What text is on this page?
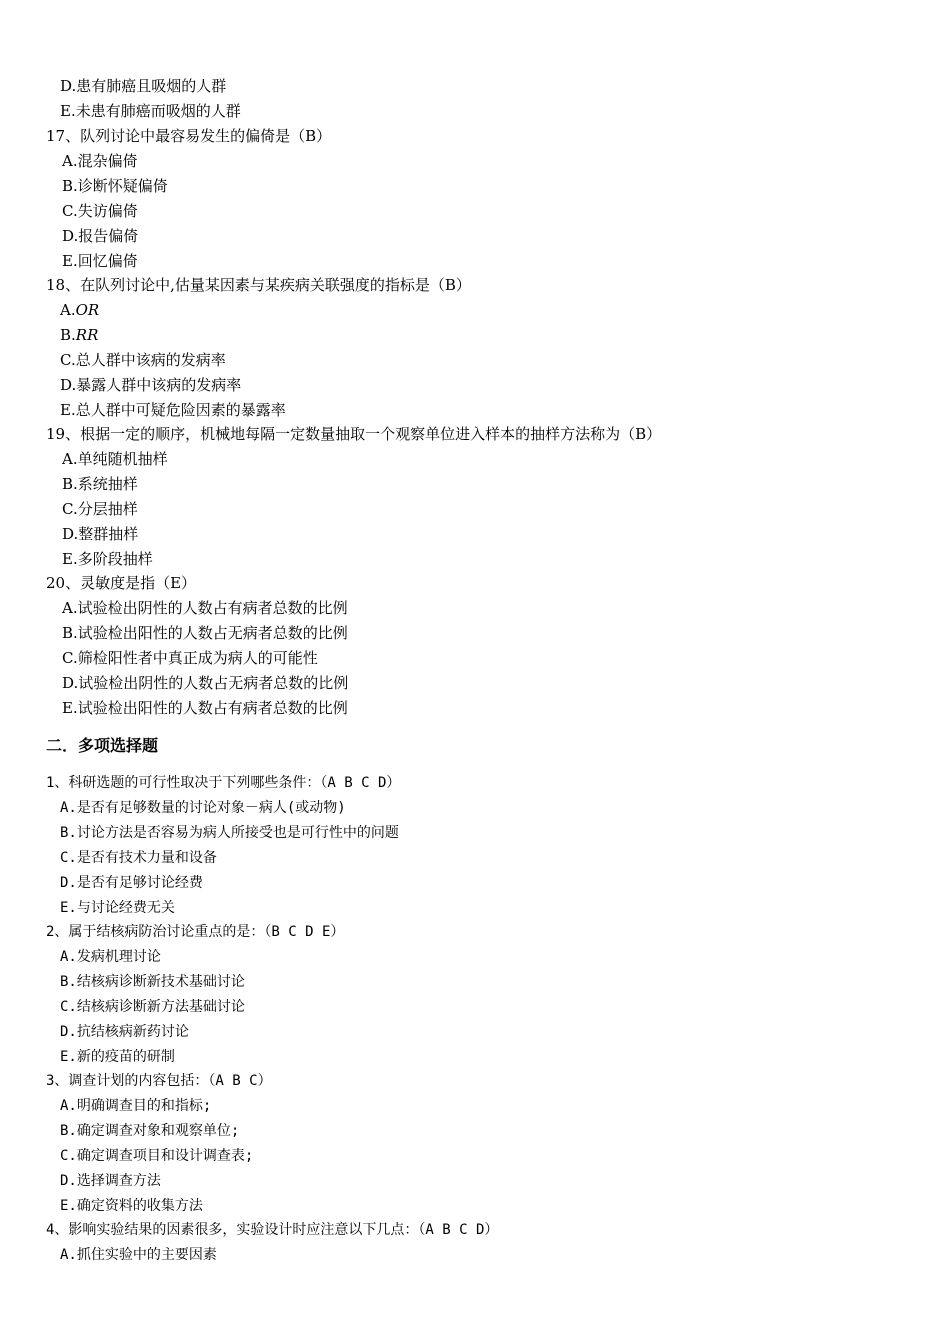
D.患有肺癌且吸烟的人群
E.未患有肺癌而吸烟的人群
17、队列讨论中最容易发生的偏倚是（B）
A.混杂偏倚
B.诊断怀疑偏倚
C.失访偏倚
D.报告偏倚
E.回忆偏倚
18、在队列讨论中,估量某因素与某疾病关联强度的指标是（B）
A.OR
B.RR
C.总人群中该病的发病率
D.暴露人群中该病的发病率
E.总人群中可疑危险因素的暴露率
19、根据一定的顺序，机械地每隔一定数量抽取一个观察单位进入样本的抽样方法称为（B）
A.单纯随机抽样
B.系统抽样
C.分层抽样
D.整群抽样
E.多阶段抽样
20、灵敏度是指（E）
A.试验检出阴性的人数占有病者总数的比例
B.试验检出阳性的人数占无病者总数的比例
C.筛检阳性者中真正成为病人的可能性
D.试验检出阴性的人数占无病者总数的比例
E.试验检出阳性的人数占有病者总数的比例
二．多项选择题
1、科研选题的可行性取决于下列哪些条件：（A B C D）
A.是否有足够数量的讨论对象－病人(或动物)
B.讨论方法是否容易为病人所接受也是可行性中的问题
C.是否有技术力量和设备
D.是否有足够讨论经费
E.与讨论经费无关
2、属于结核病防治讨论重点的是：（B C D E）
A.发病机理讨论
B.结核病诊断新技术基础讨论
C.结核病诊断新方法基础讨论
D.抗结核病新药讨论
E.新的疫苗的研制
3、调查计划的内容包括：（A B C）
A.明确调查目的和指标;
B.确定调查对象和观察单位;
C.确定调查项目和设计调查表;
D.选择调查方法
E.确定资料的收集方法
4、影响实验结果的因素很多，实验设计时应注意以下几点：（A B C D）
A.抓住实验中的主要因素
